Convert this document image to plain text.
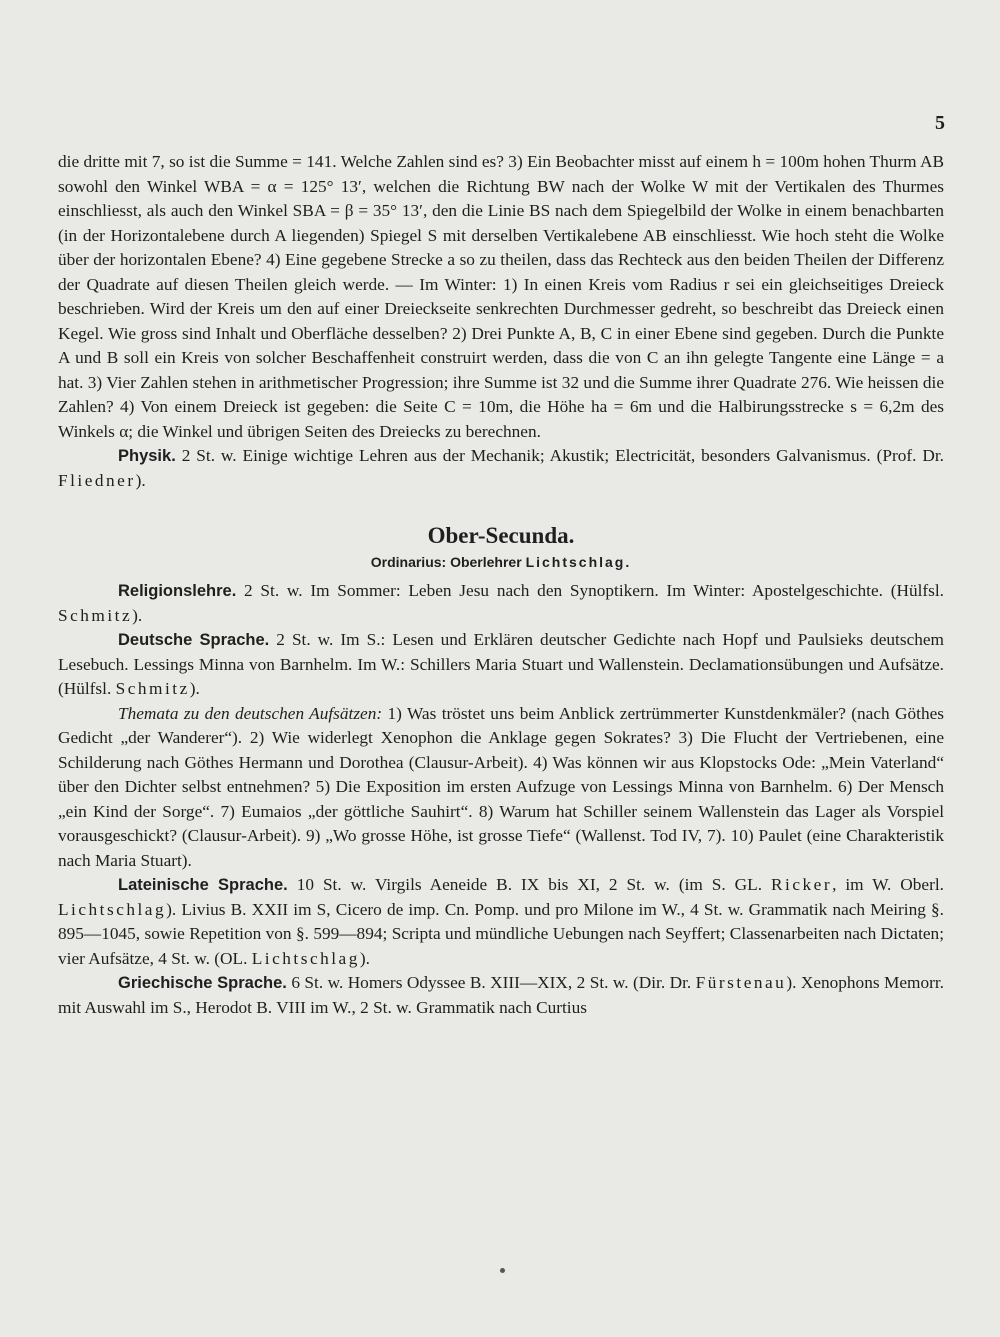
5

die dritte mit 7, so ist die Summe = 141. Welche Zahlen sind es? 3) Ein Beobachter misst auf einem h = 100m hohen Thurm AB sowohl den Winkel WBA = α = 125° 13′, welchen die Richtung BW nach der Wolke W mit der Vertikalen des Thurmes einschliesst, als auch den Winkel SBA = β = 35° 13′, den die Linie BS nach dem Spiegelbild der Wolke in einem benachbarten (in der Horizontalebene durch A liegenden) Spiegel S mit derselben Vertikalebene AB einschliesst. Wie hoch steht die Wolke über der horizontalen Ebene? 4) Eine gegebene Strecke a so zu theilen, dass das Rechteck aus den beiden Theilen der Differenz der Quadrate auf diesen Theilen gleich werde. — Im Winter: 1) In einen Kreis vom Radius r sei ein gleichseitiges Dreieck beschrieben. Wird der Kreis um den auf einer Dreieckseite senkrechten Durchmesser gedreht, so beschreibt das Dreieck einen Kegel. Wie gross sind Inhalt und Oberfläche desselben? 2) Drei Punkte A, B, C in einer Ebene sind gegeben. Durch die Punkte A und B soll ein Kreis von solcher Beschaffenheit construirt werden, dass die von C an ihn gelegte Tangente eine Länge = a hat. 3) Vier Zahlen stehen in arithmetischer Progression; ihre Summe ist 32 und die Summe ihrer Quadrate 276. Wie heissen die Zahlen? 4) Von einem Dreieck ist gegeben: die Seite C = 10m, die Höhe ha = 6m und die Halbirungsstrecke s = 6,2m des Winkels α; die Winkel und übrigen Seiten des Dreiecks zu berechnen.

Physik. 2 St. w. Einige wichtige Lehren aus der Mechanik; Akustik; Electricität, besonders Galvanismus. (Prof. Dr. Fliedner).

Ober-Secunda.
Ordinarius: Oberlehrer Lichtschlag.

Religionslehre. 2 St. w. Im Sommer: Leben Jesu nach den Synoptikern. Im Winter: Apostelgeschichte. (Hülfsl. Schmitz).

Deutsche Sprache. 2 St. w. Im S.: Lesen und Erklären deutscher Gedichte nach Hopf und Paulsieks deutschem Lesebuch. Lessings Minna von Barnhelm. Im W.: Schillers Maria Stuart und Wallenstein. Declamationsübungen und Aufsätze. (Hülfsl. Schmitz).

Themata zu den deutschen Aufsätzen: 1) Was tröstet uns beim Anblick zertrümmerter Kunstdenkmäler? (nach Göthes Gedicht „der Wanderer“). 2) Wie widerlegt Xenophon die Anklage gegen Sokrates? 3) Die Flucht der Vertriebenen, eine Schilderung nach Göthes Hermann und Dorothea (Clausur-Arbeit). 4) Was können wir aus Klopstocks Ode: „Mein Vaterland“ über den Dichter selbst entnehmen? 5) Die Exposition im ersten Aufzuge von Lessings Minna von Barnhelm. 6) Der Mensch „ein Kind der Sorge“. 7) Eumaios „der göttliche Sauhirt“. 8) Warum hat Schiller seinem Wallenstein das Lager als Vorspiel vorausgeschickt? (Clausur-Arbeit). 9) „Wo grosse Höhe, ist grosse Tiefe“ (Wallenst. Tod IV, 7). 10) Paulet (eine Charakteristik nach Maria Stuart).

Lateinische Sprache. 10 St. w. Virgils Aeneide B. IX bis XI, 2 St. w. (im S. GL. Ricker, im W. Oberl. Lichtschlag). Livius B. XXII im S, Cicero de imp. Cn. Pomp. und pro Milone im W., 4 St. w. Grammatik nach Meiring §. 895—1045, sowie Repetition von §. 599—894; Scripta und mündliche Uebungen nach Seyffert; Classenarbeiten nach Dictaten; vier Aufsätze, 4 St. w. (OL. Lichtschlag).

Griechische Sprache. 6 St. w. Homers Odyssee B. XIII—XIX, 2 St. w. (Dir. Dr. Fürstenau). Xenophons Memorr. mit Auswahl im S., Herodot B. VIII im W., 2 St. w. Grammatik nach Curtius
